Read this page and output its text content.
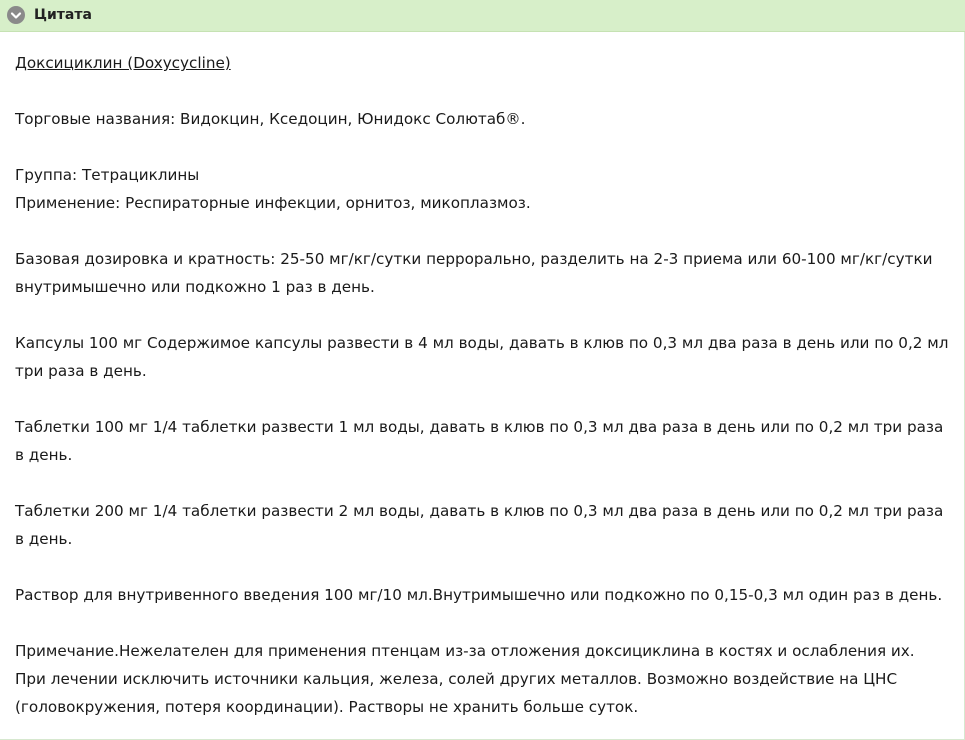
Цитата
Доксициклин (Doxycycline)
Торговые названия: Видокцин, Кседоцин, Юнидокс Солютаб®.
Группа: Тетрациклины
Применение: Респираторные инфекции, орнитоз, микоплазмоз.
Базовая дозировка и кратность: 25-50 мг/кг/сутки перрорально, разделить на 2-3 приема или 60-100 мг/кг/сутки внутримышечно или подкожно 1 раз в день.
Капсулы 100 мг Содержимое капсулы развести в 4 мл воды, давать в клюв по 0,3 мл два раза в день или по 0,2 мл три раза в день.
Таблетки 100 мг 1/4 таблетки развести 1 мл воды, давать в клюв по 0,3 мл два раза в день или по 0,2 мл три раза в день.
Таблетки 200 мг 1/4 таблетки развести 2 мл воды, давать в клюв по 0,3 мл два раза в день или по 0,2 мл три раза в день.
Раствор для внутривенного введения 100 мг/10 мл.Внутримышечно или подкожно по 0,15-0,3 мл один раз в день.
Примечание.Нежелателен для применения птенцам из-за отложения доксициклина в костях и ослабления их. При лечении исключить источники кальция, железа, солей других металлов. Возможно воздействие на ЦНС (головокружения, потеря координации). Растворы не хранить больше суток.
